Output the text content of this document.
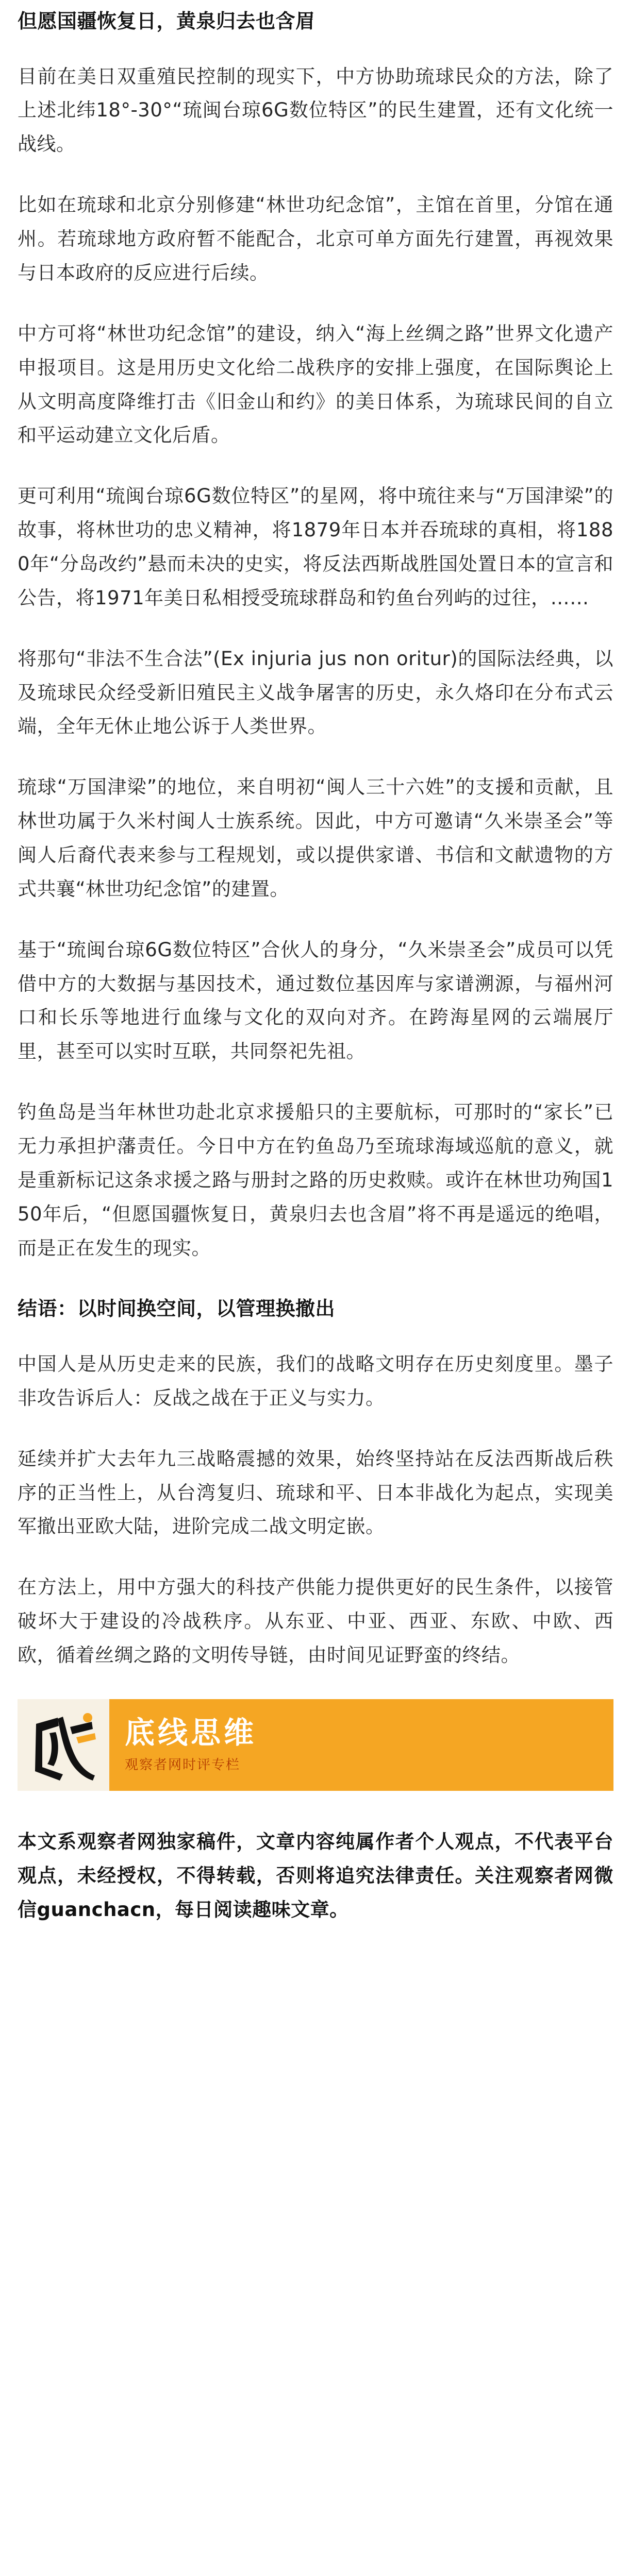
但愿国疆恢复日，黄泉归去也含眉

目前在美日双重殖民控制的现实下，中方协助琉球民众的方法，除了上述北纬18°-30°“琉闽台琼6G数位特区”的民生建置，还有文化统一战线。

比如在琉球和北京分别修建“林世功纪念馆”，主馆在首里，分馆在通州。若琉球地方政府暂不能配合，北京可单方面先行建置，再视效果与日本政府的反应进行后续。

中方可将“林世功纪念馆”的建设，纳入“海上丝绸之路”世界文化遗产申报项目。这是用历史文化给二战秩序的安排上强度，在国际舆论上从文明高度降维打击《旧金山和约》的美日体系，为琉球民间的自立和平运动建立文化后盾。

更可利用“琉闽台琼6G数位特区”的星网，将中琉往来与“万国津梁”的故事，将林世功的忠义精神，将1879年日本并吞琉球的真相，将1880年“分岛改约”悬而未决的史实，将反法西斯战胜国处置日本的宣言和公告，将1971年美日私相授受琉球群岛和钓鱼台列屿的过往，……

将那句“非法不生合法”(Ex injuria jus non oritur)的国际法经典，以及琉球民众经受新旧殖民主义战争屠害的历史，永久烙印在分布式云端，全年无休止地公诉于人类世界。

琉球“万国津梁”的地位，来自明初“闽人三十六姓”的支援和贡献，且林世功属于久米村闽人士族系统。因此，中方可邀请“久米崇圣会”等闽人后裔代表来参与工程规划，或以提供家谱、书信和文献遗物的方式共襄“林世功纪念馆”的建置。

基于“琉闽台琼6G数位特区”合伙人的身分，“久米崇圣会”成员可以凭借中方的大数据与基因技术，通过数位基因库与家谱溯源，与福州河口和长乐等地进行血缘与文化的双向对齐。在跨海星网的云端展厅里，甚至可以实时互联，共同祭祀先祖。

钓鱼岛是当年林世功赴北京求援船只的主要航标，可那时的“家长”已无力承担护藩责任。今日中方在钓鱼岛乃至琉球海域巡航的意义，就是重新标记这条求援之路与册封之路的历史救赎。或许在林世功殉国150年后，“但愿国疆恢复日，黄泉归去也含眉”将不再是遥远的绝唱，而是正在发生的现实。

结语：以时间换空间，以管理换撤出

中国人是从历史走来的民族，我们的战略文明存在历史刻度里。墨子非攻告诉后人：反战之战在于正义与实力。

延续并扩大去年九三战略震撼的效果，始终坚持站在反法西斯战后秩序的正当性上，从台湾复归、琉球和平、日本非战化为起点，实现美军撤出亚欧大陆，进阶完成二战文明定嵌。

在方法上，用中方强大的科技产供能力提供更好的民生条件，以接管破坏大于建设的冷战秩序。从东亚、中亚、西亚、东欧、中欧、西欧，循着丝绸之路的文明传导链，由时间见证野蛮的终结。

底线思维
观察者网时评专栏

本文系观察者网独家稿件，文章内容纯属作者个人观点，不代表平台观点，未经授权，不得转载，否则将追究法律责任。关注观察者网微信guanchacn，每日阅读趣味文章。
